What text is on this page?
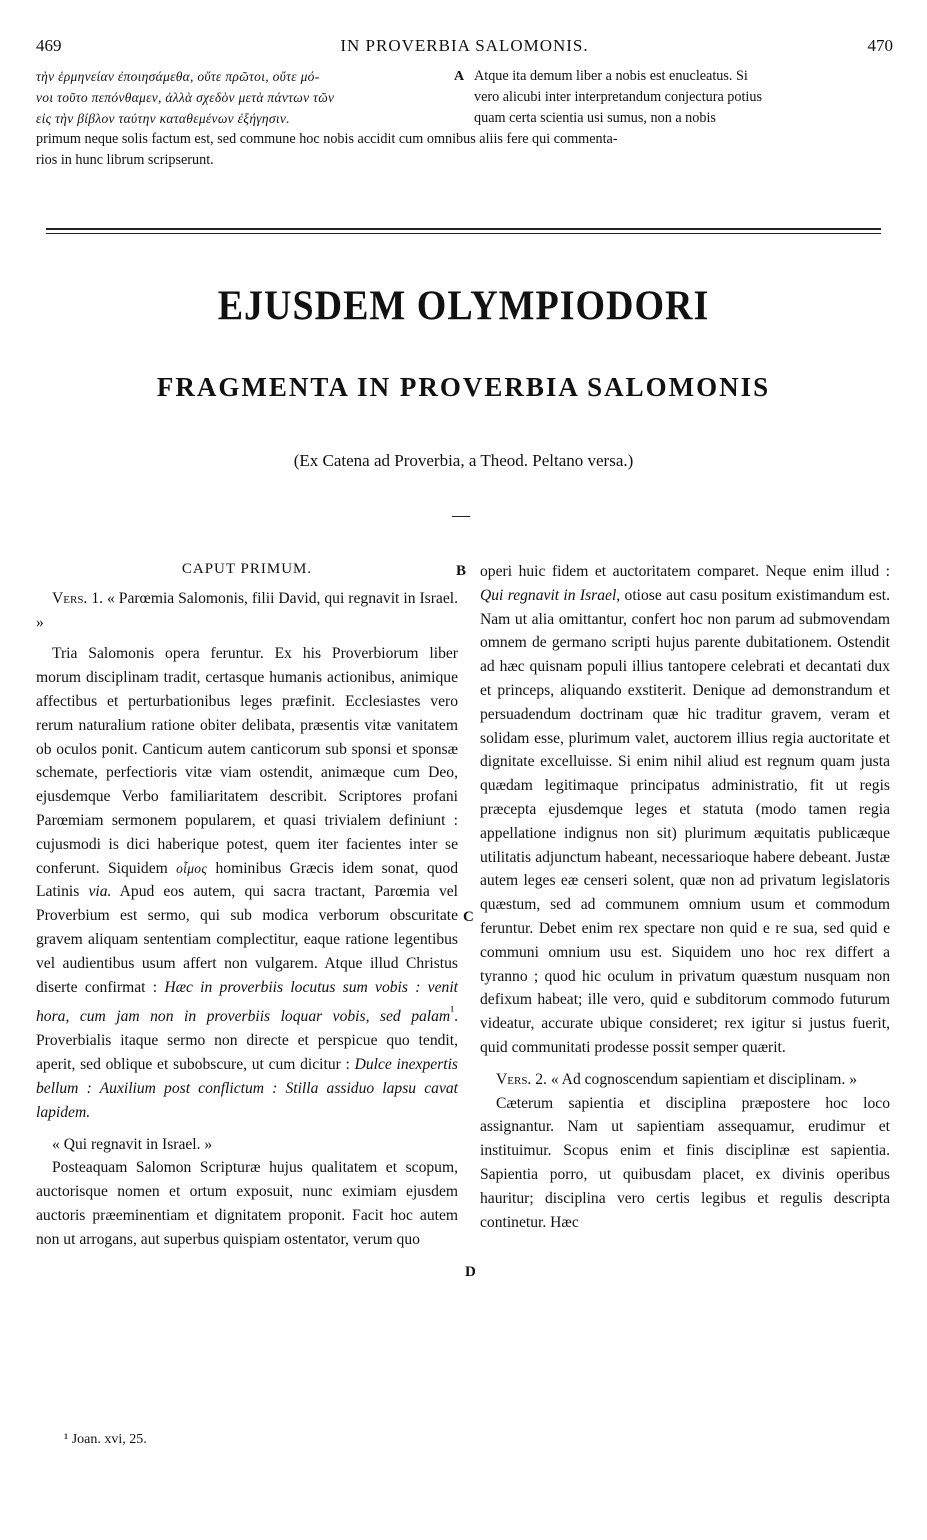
469	IN PROVERBIA SALOMONIS.	470
τὴν ἑρμηνείαν ἐποιησάμεθα, οὔτε πρῶτοι, οὔτε μό-	A Atque ita demum liber a nobis est enucleatus. Si
νοι τοῦτο πεπόνθαμεν, ἀλλὰ σχεδὸν μετὰ πάντων τῶν	vero alicubi inter interpretandum conjectura potius
εἰς τὴν βίβλον ταύτην καταθεμένων ἐξήγησιν.	quam certa scientia usi sumus, non a nobis
primum neque solis factum est, sed commune hoc nobis accidit cum omnibus aliis fere qui commenta-
rios in hunc librum scripserunt.
EJUSDEM OLYMPIODORI
FRAGMENTA IN PROVERBIA SALOMONIS
(Ex Catena ad Proverbia, a Theod. Peltano versa.)

CAPUT PRIMUM.

Vers. 1. « Parœmia Salomonis, filii David, qui regnavit in Israel. »

Tria Salomonis opera feruntur. Ex his Proverbiorum liber morum disciplinam tradit, certasque humanis actionibus, animique affectibus et perturbationibus leges præfinit. Ecclesiastes vero rerum naturalium ratione obiter delibata, præsentis vitæ vanitatem ob oculos ponit. Canticum autem canticorum sub sponsi et sponsæ schemate, perfectioris vitæ viam ostendit, animæque cum Deo, ejusdemque Verbo familiaritatem describit. Scriptores profani Parœmiam sermonem popularem, et quasi trivialem definiunt : cujusmodi is dici haberique potest, quem iter facientes inter se conferunt. Siquidem οἶμος hominibus Græcis idem sonat, quod Latinis via. Apud eos autem, qui sacra tractant, Parœmia vel Proverbium est sermo, qui sub modica verborum obscuritate gravem aliquam sententiam complectitur, eaque ratione legentibus vel audientibus usum affert non vulgarem. Atque illud Christus diserte confirmat : Hæc in proverbiis locutus sum vobis : venit hora, cum jam non in proverbiis loquar vobis, sed palam$^{^1}$. Proverbialis itaque sermo non directe et perspicue quo tendit, aperit, sed oblique et subobscure, ut cum dicitur : Dulce inexpertis bellum : Auxilium post conflictum : Stilla assiduo lapsu cavat lapidem.

« Qui regnavit in Israel. »

Posteaquam Salomon Scripturæ hujus qualitatem et scopum, auctorisque nomen et ortum exposuit, nunc eximiam ejusdem auctoris præeminentiam et dignitatem proponit. Facit hoc autem non ut arrogans, aut superbus quispiam ostentator, verum quo

B
C
D

operi huic fidem et auctoritatem comparet. Neque enim illud : Qui regnavit in Israel, otiose aut casu positum existimandum est. Nam ut alia omittantur, confert hoc non parum ad submovendam omnem de germano scripti hujus parente dubitationem. Ostendit ad hæc quisnam populi illius tantopere celebrati et decantati dux et princeps, aliquando exstiterit. Denique ad demonstrandum et persuadendum doctrinam quæ hic traditur gravem, veram et solidam esse, plurimum valet, auctorem illius regia auctoritate et dignitate excelluisse. Si enim nihil aliud est regnum quam justa quædam legitimaque principatus administratio, fit ut regis præcepta ejusdemque leges et statuta (modo tamen regia appellatione indignus non sit) plurimum æquitatis publicæque utilitatis adjunctum habeant, necessarioque habere debeant. Justæ autem leges eæ censeri solent, quæ non ad privatum legislatoris quæstum, sed ad communem omnium usum et commodum feruntur. Debet enim rex spectare non quid e re sua, sed quid e communi omnium usu est. Siquidem uno hoc rex differt a tyranno ; quod hic oculum in privatum quæstum nusquam non defixum habeat; ille vero, quid e subditorum commodo futurum videatur, accurate ubique consideret; rex igitur si justus fuerit, quid communitati prodesse possit semper quærit.

Vers. 2. « Ad cognoscendum sapientiam et disciplinam. »

Cæterum sapientia et disciplina præpostere hoc loco assignantur. Nam ut sapientiam assequamur, erudimur et instituimur. Scopus enim et finis disciplinæ est sapientia. Sapientia porro, ut quibusdam placet, ex divinis operibus hauritur; disciplina vero certis legibus et regulis descripta continetur. Hæc

¹ Joan. xvi, 25.
